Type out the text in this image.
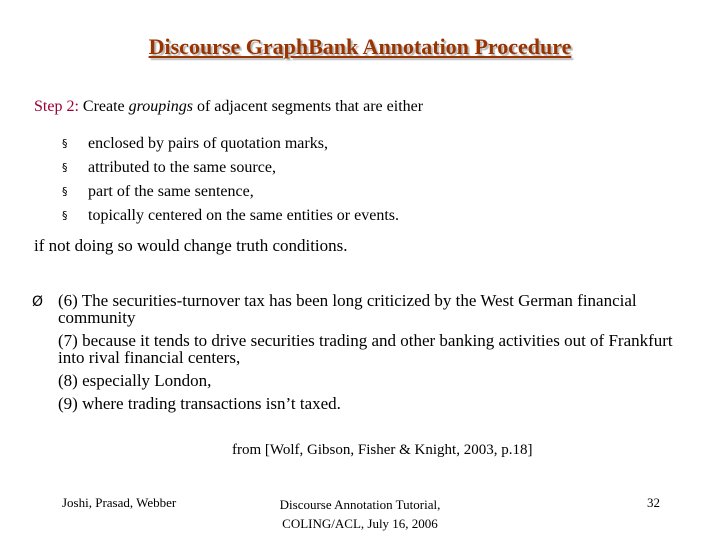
Discourse GraphBank Annotation Procedure

Step 2: Create groupings of adjacent segments that are either

§ enclosed by pairs of quotation marks,
§ attributed to the same source,
§ part of the same sentence,
§ topically centered on the same entities or events.

if not doing so would change truth conditions.

Ø (6) The securities-turnover tax has been long criticized by the West German financial community
(7) because it tends to drive securities trading and other banking activities out of Frankfurt into rival financial centers,
(8) especially London,
(9) where trading transactions isn’t taxed.

from [Wolf, Gibson, Fisher & Knight, 2003, p.18]

Joshi, Prasad, Webber	Discourse Annotation Tutorial,
COLING/ACL, July 16, 2006

32
